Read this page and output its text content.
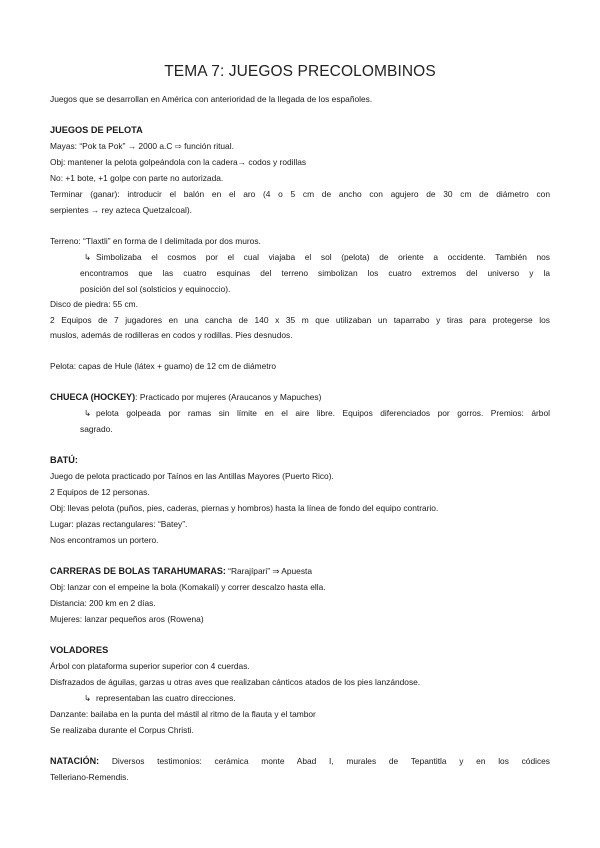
TEMA 7: JUEGOS PRECOLOMBINOS
Juegos que se desarrollan en América con anterioridad de la llegada de los españoles.
JUEGOS DE PELOTA
Mayas: “Pok ta Pok” → 2000 a.C ⇨ función ritual.
Obj: mantener la pelota golpeándola con la cadera→ codos y rodillas
No: +1 bote, +1 golpe con parte no autorizada.
Terminar (ganar): introducir el balón en el aro (4 o 5 cm de ancho con agujero de 30 cm de diámetro con
serpientes → rey azteca Quetzalcoal).
Terreno: “Tlaxtli” en forma de I delimitada por dos muros.
↳ Simbolizaba el cosmos por el cual viajaba el sol (pelota) de oriente a occidente. También nos
encontramos que las cuatro esquinas del terreno simbolizan los cuatro extremos del universo y la
posición del sol (solsticios y equinoccio).
Disco de piedra: 55 cm.
2 Equipos de 7 jugadores en una cancha de 140 x 35 m que utilizaban un taparrabo y tiras para protegerse los
muslos, además de rodilleras en codos y rodillas. Pies desnudos.
Pelota: capas de Hule (látex + guamo) de 12 cm de diámetro
CHUECA (HOCKEY): Practicado por mujeres (Araucanos y Mapuches)
↳ pelota golpeada por ramas sin límite en el aire libre. Equipos diferenciados por gorros. Premios: árbol
sagrado.
BATÚ:
Juego de pelota practicado por Taínos en las Antillas Mayores (Puerto Rico).
2 Equipos de 12 personas.
Obj: llevas pelota (puños, pies, caderas, piernas y hombros) hasta la línea de fondo del equipo contrario.
Lugar: plazas rectangulares: “Batey”.
Nos encontramos un portero.
CARRERAS DE BOLAS TARAHUMARAS: “Rarajípari” ⇒ Apuesta
Obj: lanzar con el empeine la bola (Komakali) y correr descalzo hasta ella.
Distancia: 200 km en 2 días.
Mujeres: lanzar pequeños aros (Rowena)
VOLADORES
Árbol con plataforma superior superior con 4 cuerdas.
Disfrazados de águilas, garzas u otras aves que realizaban cánticos atados de los pies lanzándose.
↳ representaban las cuatro direcciones.
Danzante: bailaba en la punta del mástil al ritmo de la flauta y el tambor
Se realizaba durante el Corpus Christi.
NATACIÓN: Diversos testimonios: cerámica monte Abad I, murales de Tepantitla y en los códices
Telleriano-Remendis.
